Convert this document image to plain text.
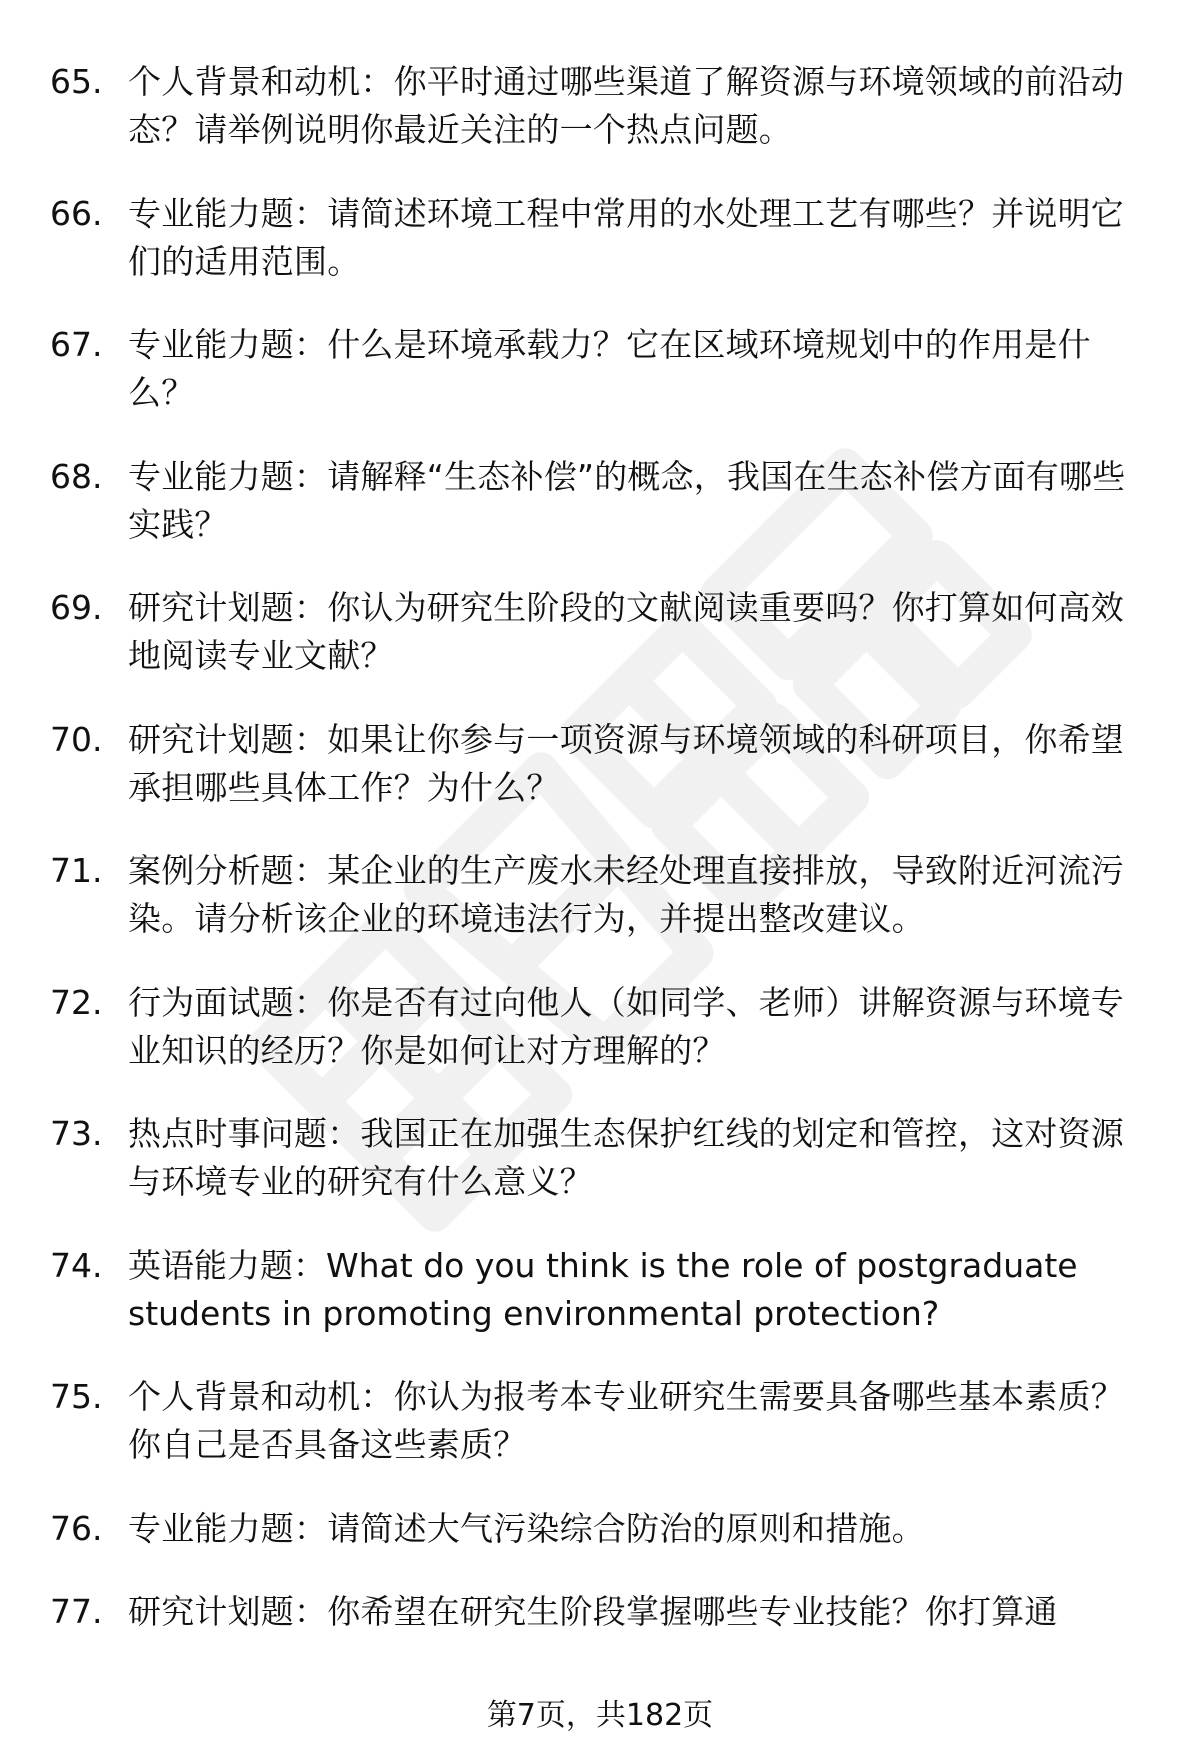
65. 个人背景和动机：你平时通过哪些渠道了解资源与环境领域的前沿动态？请举例说明你最近关注的一个热点问题。
66. 专业能力题：请简述环境工程中常用的水处理工艺有哪些？并说明它们的适用范围。
67. 专业能力题：什么是环境承载力？它在区域环境规划中的作用是什么？
68. 专业能力题：请解释“生态补偿”的概念，我国在生态补偿方面有哪些实践？
69. 研究计划题：你认为研究生阶段的文献阅读重要吗？你打算如何高效地阅读专业文献？
70. 研究计划题：如果让你参与一项资源与环境领域的科研项目，你希望承担哪些具体工作？为什么？
71. 案例分析题：某企业的生产废水未经处理直接排放，导致附近河流污染。请分析该企业的环境违法行为，并提出整改建议。
72. 行为面试题：你是否有过向他人（如同学、老师）讲解资源与环境专业知识的经历？你是如何让对方理解的？
73. 热点时事问题：我国正在加强生态保护红线的划定和管控，这对资源与环境专业的研究有什么意义？
74. 英语能力题：What do you think is the role of postgraduate students in promoting environmental protection?
75. 个人背景和动机：你认为报考本专业研究生需要具备哪些基本素质？你自己是否具备这些素质？
76. 专业能力题：请简述大气污染综合防治的原则和措施。
77. 研究计划题：你希望在研究生阶段掌握哪些专业技能？你打算通
第7页，共182页
